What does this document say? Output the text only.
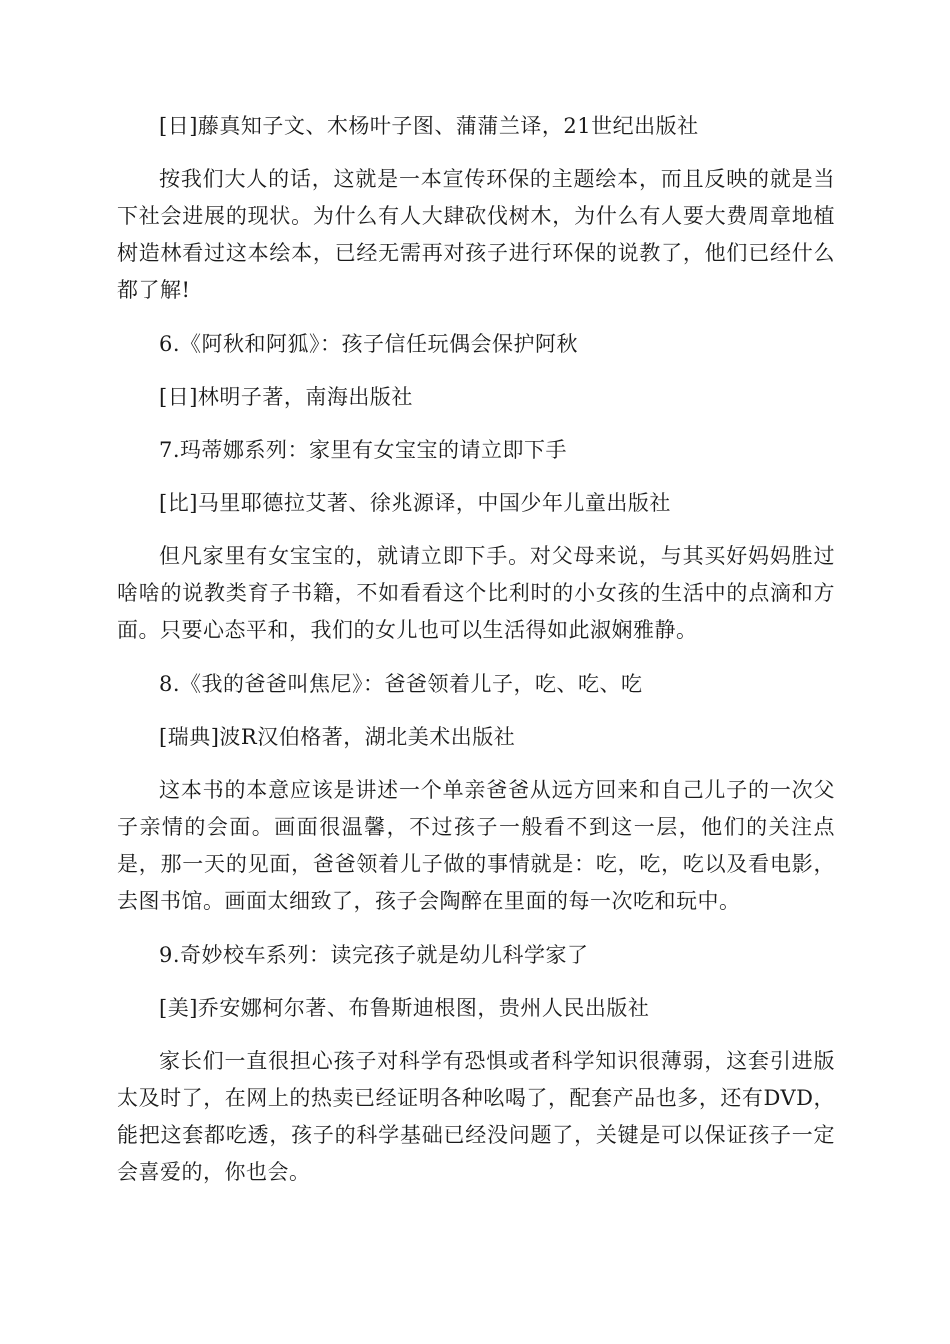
[日]藤真知子文、木杨叶子图、蒲蒲兰译，21世纪出版社

按我们大人的话，这就是一本宣传环保的主题绘本，而且反映的就是当下社会进展的现状。为什么有人大肆砍伐树木，为什么有人要大费周章地植树造林看过这本绘本，已经无需再对孩子进行环保的说教了，他们已经什么都了解!

6.《阿秋和阿狐》：孩子信任玩偶会保护阿秋

[日]林明子著，南海出版社

7.玛蒂娜系列：家里有女宝宝的请立即下手

[比]马里耶德拉艾著、徐兆源译，中国少年儿童出版社

但凡家里有女宝宝的，就请立即下手。对父母来说，与其买好妈妈胜过啥啥的说教类育子书籍，不如看看这个比利时的小女孩的生活中的点滴和方面。只要心态平和，我们的女儿也可以生活得如此淑娴雅静。

8.《我的爸爸叫焦尼》：爸爸领着儿子，吃、吃、吃

[瑞典]波R汉伯格著，湖北美术出版社

这本书的本意应该是讲述一个单亲爸爸从远方回来和自己儿子的一次父子亲情的会面。画面很温馨，不过孩子一般看不到这一层，他们的关注点是，那一天的见面，爸爸领着儿子做的事情就是：吃，吃，吃以及看电影，去图书馆。画面太细致了，孩子会陶醉在里面的每一次吃和玩中。

9.奇妙校车系列：读完孩子就是幼儿科学家了

[美]乔安娜柯尔著、布鲁斯迪根图，贵州人民出版社

家长们一直很担心孩子对科学有恐惧或者科学知识很薄弱，这套引进版太及时了，在网上的热卖已经证明各种吆喝了，配套产品也多，还有DVD，能把这套都吃透，孩子的科学基础已经没问题了，关键是可以保证孩子一定会喜爱的，你也会。
